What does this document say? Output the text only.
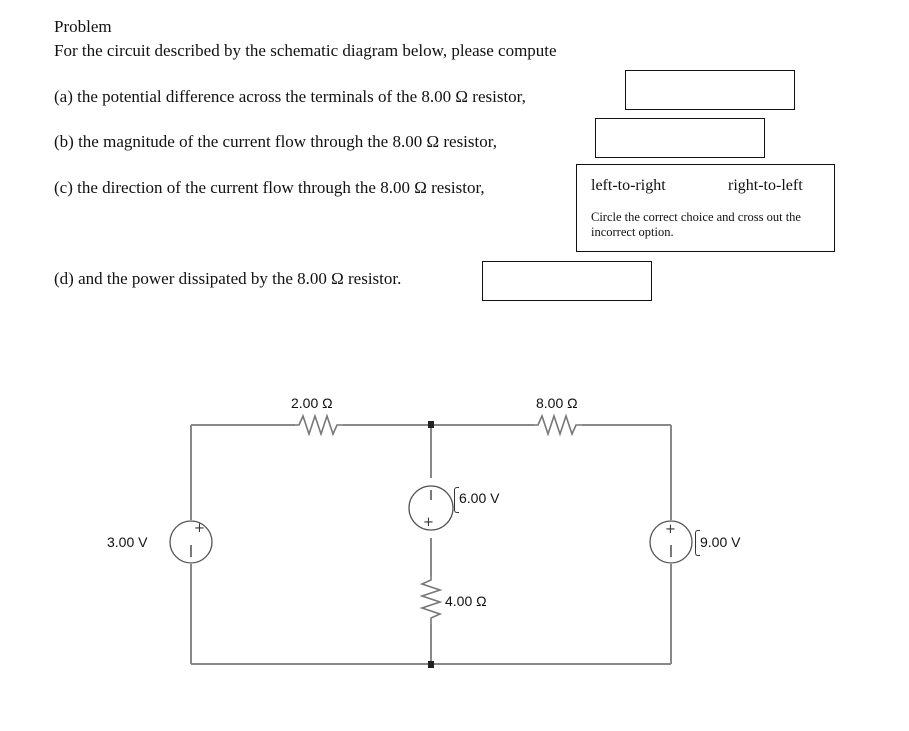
Problem
For the circuit described by the schematic diagram below, please compute
(a) the potential difference across the terminals of the 8.00 Ω resistor,
(b) the magnitude of the current flow through the 8.00 Ω resistor,
(c) the direction of the current flow through the 8.00 Ω resistor,	left-to-right	right-to-left
Circle the correct choice and cross out the incorrect option.
(d) and the power dissipated by the 8.00 Ω resistor.
2.00 Ω	8.00 Ω
4.00 Ω
+
3.00 V
+
6.00 V
+
9.00 V
